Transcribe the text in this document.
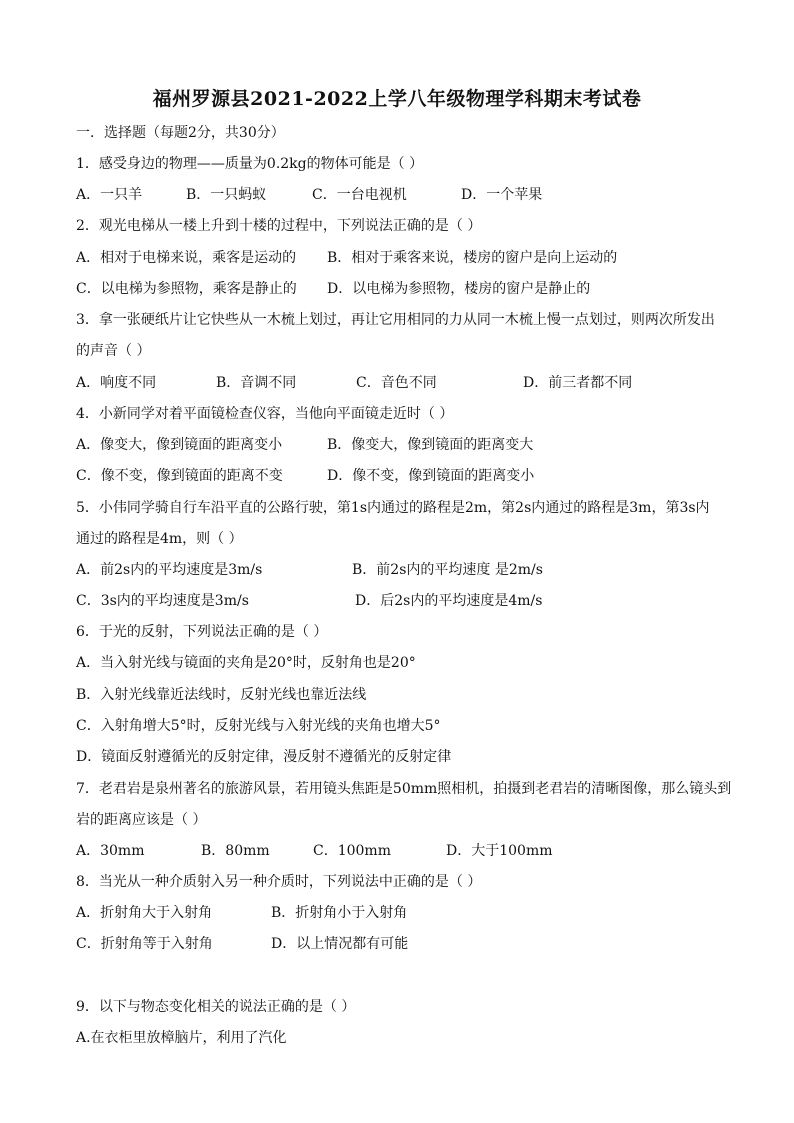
福州罗源县2021-2022上学八年级物理学科期末考试卷
一．选择题（每题2分，共30分）
1．感受身边的物理——质量为0.2kg的物体可能是（ ）
A．一只羊	B．一只蚂蚁	C．一台电视机	D．一个苹果
2．观光电梯从一楼上升到十楼的过程中，下列说法正确的是（ ）
A．相对于电梯来说，乘客是运动的 B．相对于乘客来说，楼房的窗户是向上运动的
C．以电梯为参照物，乘客是静止的 D．以电梯为参照物，楼房的窗户是静止的
3．拿一张硬纸片让它快些从一木梳上划过，再让它用相同的力从同一木梳上慢一点划过，则两次所发出
的声音（ ）
A．响度不同	B．音调不同	C．音色不同	D．前三者都不同
4．小新同学对着平面镜检查仪容，当他向平面镜走近时（ ）
A．像变大，像到镜面的距离变小	B．像变大，像到镜面的距离变大
C．像不变，像到镜面的距离不变	D．像不变，像到镜面的距离变小
5．小伟同学骑自行车沿平直的公路行驶，第1s内通过的路程是2m，第2s内通过的路程是3m，第3s内
通过的路程是4m，则（ ）
A．前2s内的平均速度是3m/s	B．前2s内的平均速度 是2m/s
C．3s内的平均速度是3m/s	D．后2s内的平均速度是4m/s
6．于光的反射，下列说法正确的是（ ）
A．当入射光线与镜面的夹角是20°时，反射角也是20°
B．入射光线靠近法线时，反射光线也靠近法线
C．入射角增大5°时，反射光线与入射光线的夹角也增大5°
D．镜面反射遵循光的反射定律，漫反射不遵循光的反射定律
7．老君岩是泉州著名的旅游风景，若用镜头焦距是50mm照相机，拍摄到老君岩的清晰图像，那么镜头到
岩的距离应该是（ ）
A．30mm	B．80mm	C．100mm	D．大于100mm
8．当光从一种介质射入另一种介质时，下列说法中正确的是（ ）
A．折射角大于入射角	B．折射角小于入射角
C．折射角等于入射角	D．以上情况都有可能
9．以下与物态变化相关的说法正确的是（ ）
A.在衣柜里放樟脑片，利用了汽化
